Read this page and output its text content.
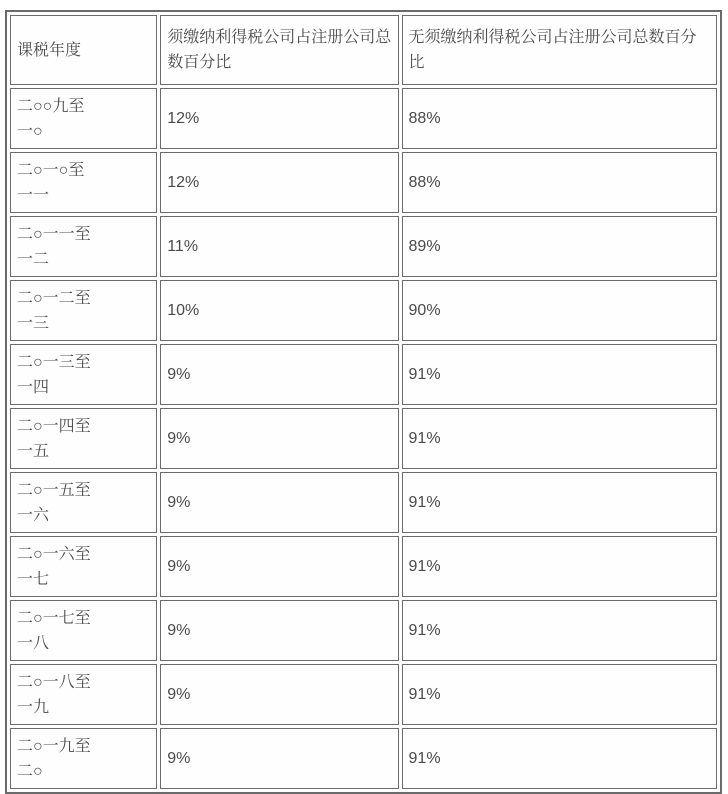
课税年度	须缴纳利得税公司占注册公司总数百分比	无须缴纳利得税公司占注册公司总数百分比

二○○九至
一○	12%	88%

二○一○至
一一	12%	88%

二○一一至
一二	11%	89%

二○一二至
一三	10%	90%

二○一三至
一四	9%	91%

二○一四至
一五	9%	91%

二○一五至
一六	9%	91%

二○一六至
一七	9%	91%

二○一七至
一八	9%	91%

二○一八至
一九	9%	91%

二○一九至
二○	9%	91%
